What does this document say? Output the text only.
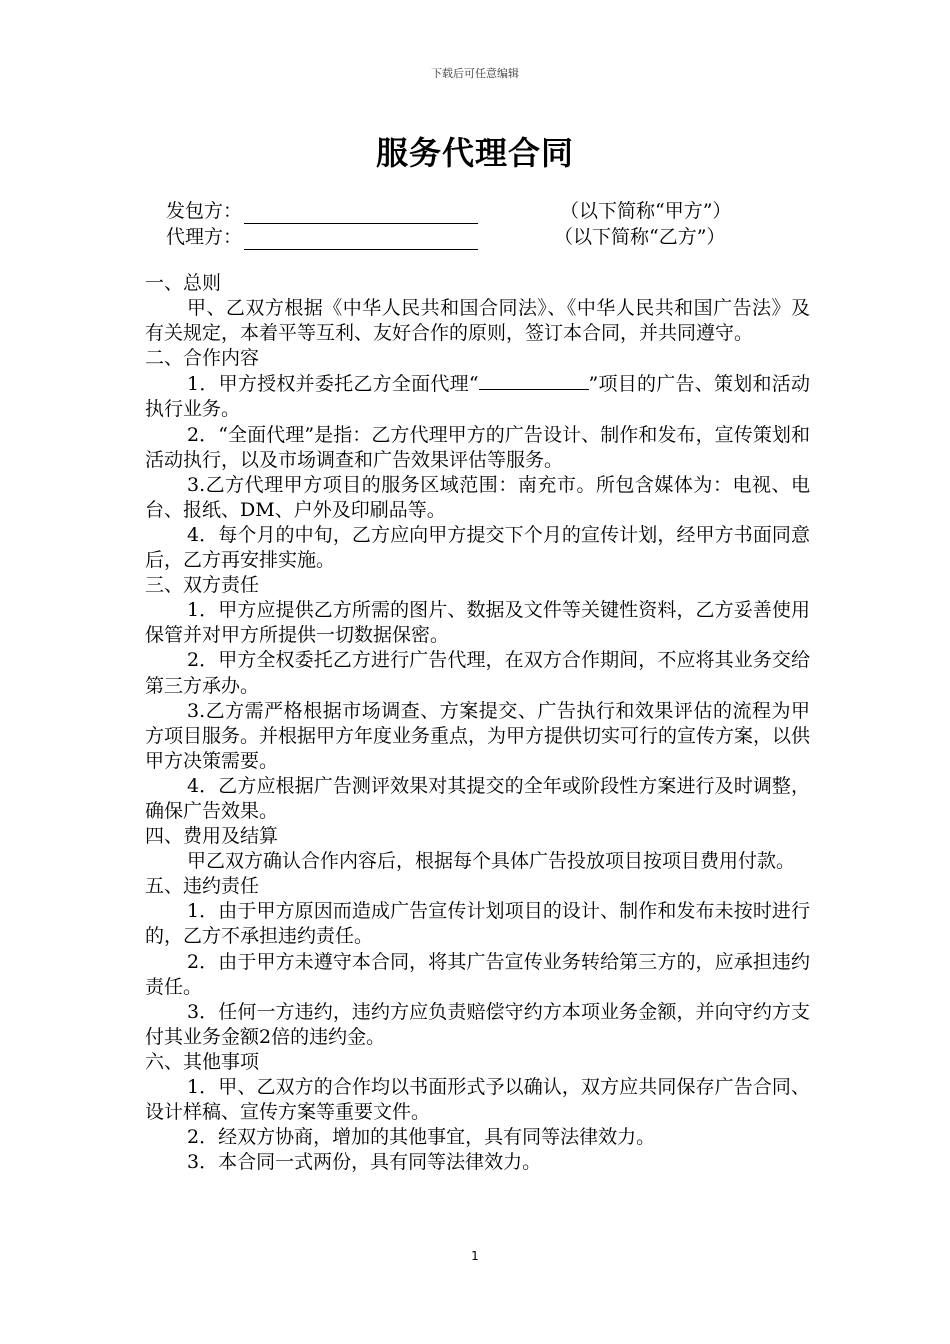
下载后可任意编辑
服务代理合同
发包方：	（以下简称“甲方”）
代理方：	（以下简称“乙方”）

一、总则

甲、乙双方根据《中华人民共和国合同法》、《中华人民共和国广告法》及有关规定，本着平等互利、友好合作的原则，签订本合同，并共同遵守。

二、合作内容

1．甲方授权并委托乙方全面代理“	”项目的广告、策划和活动执行业务。

2．“全面代理”是指：乙方代理甲方的广告设计、制作和发布，宣传策划和活动执行，以及市场调查和广告效果评估等服务。

3.乙方代理甲方项目的服务区域范围：南充市。所包含媒体为：电视、电台、报纸、DM、户外及印刷品等。

4．每个月的中旬，乙方应向甲方提交下个月的宣传计划，经甲方书面同意后，乙方再安排实施。

三、双方责任

1．甲方应提供乙方所需的图片、数据及文件等关键性资料，乙方妥善使用保管并对甲方所提供一切数据保密。

2．甲方全权委托乙方进行广告代理，在双方合作期间，不应将其业务交给第三方承办。

3.乙方需严格根据市场调查、方案提交、广告执行和效果评估的流程为甲方项目服务。并根据甲方年度业务重点，为甲方提供切实可行的宣传方案，以供甲方决策需要。

4．乙方应根据广告测评效果对其提交的全年或阶段性方案进行及时调整，确保广告效果。

四、费用及结算

甲乙双方确认合作内容后，根据每个具体广告投放项目按项目费用付款。

五、违约责任

1．由于甲方原因而造成广告宣传计划项目的设计、制作和发布未按时进行的，乙方不承担违约责任。

2．由于甲方未遵守本合同，将其广告宣传业务转给第三方的，应承担违约责任。

3．任何一方违约，违约方应负责赔偿守约方本项业务金额，并向守约方支付其业务金额2倍的违约金。

六、其他事项

1．甲、乙双方的合作均以书面形式予以确认，双方应共同保存广告合同、设计样稿、宣传方案等重要文件。

2．经双方协商，增加的其他事宜，具有同等法律效力。

3．本合同一式两份，具有同等法律效力。

1
